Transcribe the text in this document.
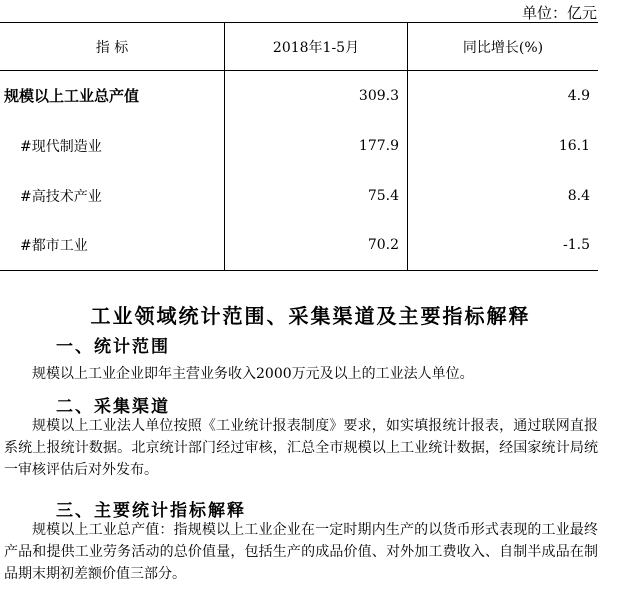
单位：亿元
指 标	2018年1-5月	同比增长(%)
规模以上工业总产值	309.3	4.9
#现代制造业	177.9	16.1
#高技术产业	75.4	8.4
#都市工业	70.2	-1.5
工业领域统计范围、采集渠道及主要指标解释
一、统计范围

规模以上工业企业即年主营业务收入2000万元及以上的工业法人单位。

二、采集渠道

规模以上工业法人单位按照《工业统计报表制度》要求，如实填报统计报表，通过联网直报系统上报统计数据。北京统计部门经过审核，汇总全市规模以上工业统计数据，经国家统计局统一审核评估后对外发布。

三、主要统计指标解释

规模以上工业总产值：指规模以上工业企业在一定时期内生产的以货币形式表现的工业最终产品和提供工业劳务活动的总价值量，包括生产的成品价值、对外加工费收入、自制半成品在制品期末期初差额价值三部分。
